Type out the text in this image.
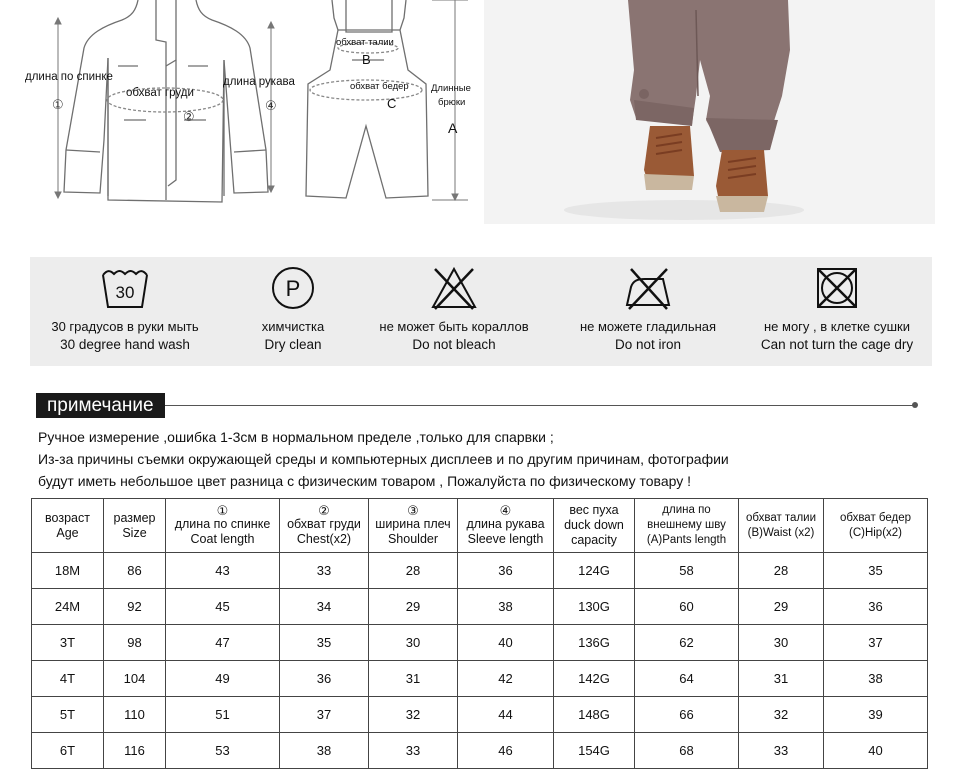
длина по спинке
①
обхват груди
②
длина рукава
④
обхват талии
B
обхват бедер
C
Длинные
брюки
A
30
30 градусов в руки мыть
30 degree hand wash
P
химчистка
Dry clean
не может быть кораллов
Do not bleach
не можете гладильная
Do not iron
не могу , в клетке сушки
Can not turn the cage dry
примечание
Ручное измерение ,ошибка 1-3см в нормальном пределе ,только для спарвки ;
Из-за причины съемки окружающей среды и компьютерных дисплеев и по другим причинам, фотографии
будут иметь небольшое цвет разница с физическим товаром , Пожалуйста по физическому товару !
возраст
Age	размер
Size	①
длина по спинке
Coat length	②
обхват груди
Chest(x2)	③
ширина плеч
Shoulder	④
длина рукава
Sleeve length	вес пуха
duck down
capacity	длина по
внешнему шву
(A)Pants length	обхват талии
(B)Waist (x2)	обхват бедер
(C)Hip(x2)

18M	86	43	33	28	36	124G	58	28	35
24M	92	45	34	29	38	130G	60	29	36
3T	98	47	35	30	40	136G	62	30	37
4T	104	49	36	31	42	142G	64	31	38
5T	110	51	37	32	44	148G	66	32	39
6T	116	53	38	33	46	154G	68	33	40
